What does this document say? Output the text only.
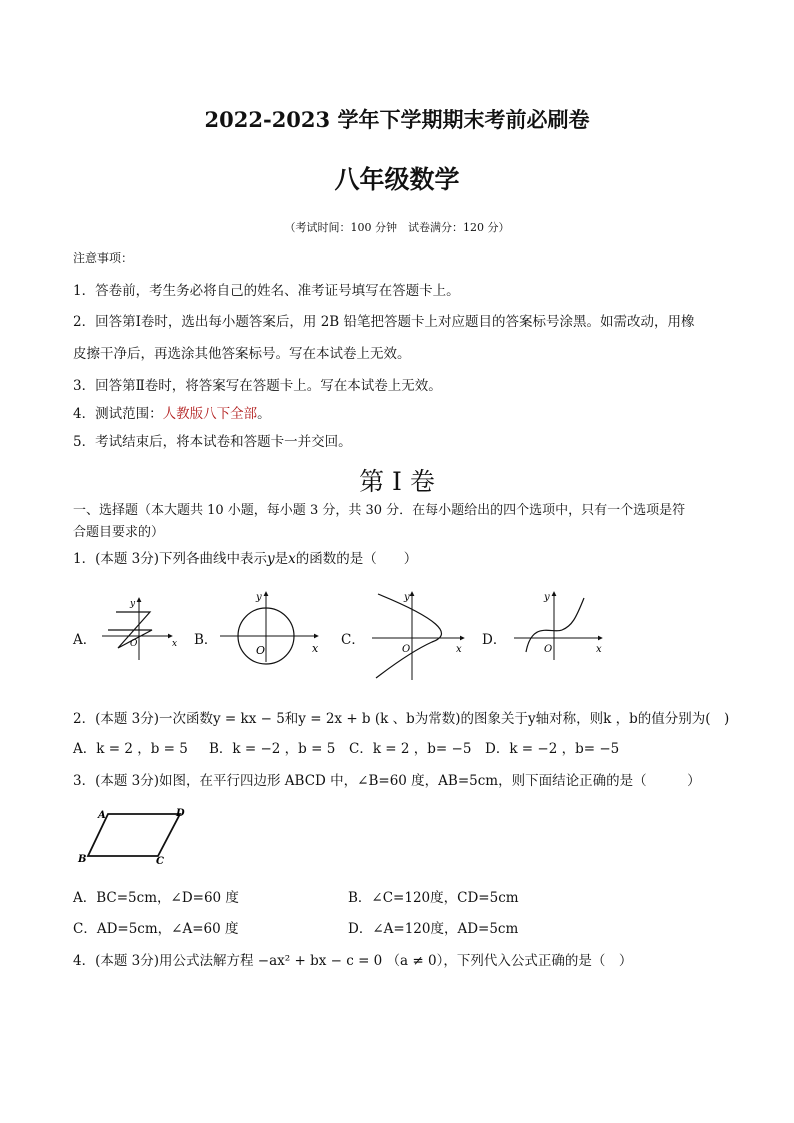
2022-2023 学年下学期期末考前必刷卷
八年级数学
（考试时间：100 分钟　试卷满分：120 分）
注意事项：
1．答卷前，考生务必将自己的姓名、准考证号填写在答题卡上。
2．回答第Ⅰ卷时，选出每小题答案后，用 2B 铅笔把答题卡上对应题目的答案标号涂黑。如需改动，用橡
皮擦干净后，再选涂其他答案标号。写在本试卷上无效。
3．回答第Ⅱ卷时，将答案写在答题卡上。写在本试卷上无效。
4．测试范围：人教版八下全部。
5．考试结束后，将本试卷和答题卡一并交回。
第 I 卷
一、选择题（本大题共 10 小题，每小题 3 分，共 30 分．在每小题给出的四个选项中，只有一个选项是符
合题目要求的）
1．(本题 3分)下列各曲线中表示y是x的函数的是（　　）
A．	B．	C．	D．
O
y
x	O
y
x	O
y
x	O
y
x
2．(本题 3分)一次函数y = kx − 5和y = 2x + b (k 、b为常数)的图象关于y轴对称，则k ，b的值分别为(　)
A．k = 2 ，b = 5 B．k = −2 ，b = 5 C．k = 2 ，b= −5 D．k = −2 ，b= −5
3．(本题 3分)如图，在平行四边形 ABCD 中，∠B=60 度，AB=5cm，则下面结论正确的是（　　　）
A	D
B	C
A．BC=5cm，∠D=60 度	B．∠C=120度，CD=5cm
C．AD=5cm，∠A=60 度	D．∠A=120度，AD=5cm
4．(本题 3分)用公式法解方程 −ax² + bx − c = 0 （a ≠ 0），下列代入公式正确的是（　）
